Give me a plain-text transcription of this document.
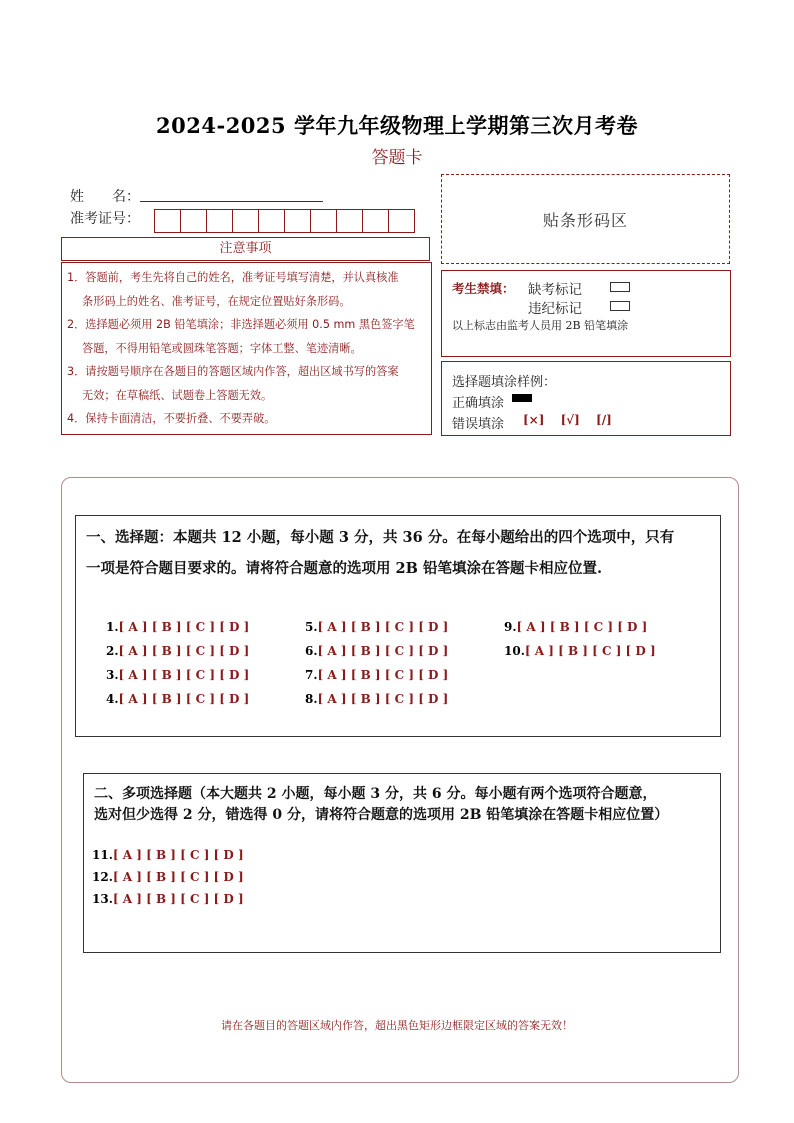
2024-2025 学年九年级物理上学期第三次月考卷
答题卡
姓　　名：
准考证号：	贴条形码区
注意事项

1．答题前，考生先将自己的姓名，准考证号填写清楚，并认真核准

条形码上的姓名、准考证号，在规定位置贴好条形码。

2．选择题必须用 2B 铅笔填涂；非选择题必须用 0.5 mm 黑色签字笔

答题，不得用铅笔或圆珠笔答题；字体工整、笔迹清晰。

3．请按题号顺序在各题目的答题区域内作答，超出区域书写的答案

无效；在草稿纸、试题卷上答题无效。

4．保持卡面清洁，不要折叠、不要弄破。

考生禁填： 缺考标记
违纪标记
以上标志由监考人员用 2B 铅笔填涂
选择题填涂样例：
正确填涂
错误填涂 [×] [√] [/]
一、选择题：本题共 12 小题，每小题 3 分，共 36 分。在每小题给出的四个选项中，只有
一项是符合题目要求的。请将符合题意的选项用 2B 铅笔填涂在答题卡相应位置.
1.[ A ] [ B ] [ C ] [ D ]
2.[ A ] [ B ] [ C ] [ D ]
3.[ A ] [ B ] [ C ] [ D ]
4.[ A ] [ B ] [ C ] [ D ]
5.[ A ] [ B ] [ C ] [ D ]
6.[ A ] [ B ] [ C ] [ D ]
7.[ A ] [ B ] [ C ] [ D ]
8.[ A ] [ B ] [ C ] [ D ]
9.[ A ] [ B ] [ C ] [ D ]
10.[ A ] [ B ] [ C ] [ D ]
二、多项选择题（本大题共 2 小题，每小题 3 分，共 6 分。每小题有两个选项符合题意，
选对但少选得 2 分，错选得 0 分，请将符合题意的选项用 2B 铅笔填涂在答题卡相应位置）
11.[ A ] [ B ] [ C ] [ D ]
12.[ A ] [ B ] [ C ] [ D ]
13.[ A ] [ B ] [ C ] [ D ]
请在各题目的答题区域内作答，超出黑色矩形边框限定区域的答案无效！
